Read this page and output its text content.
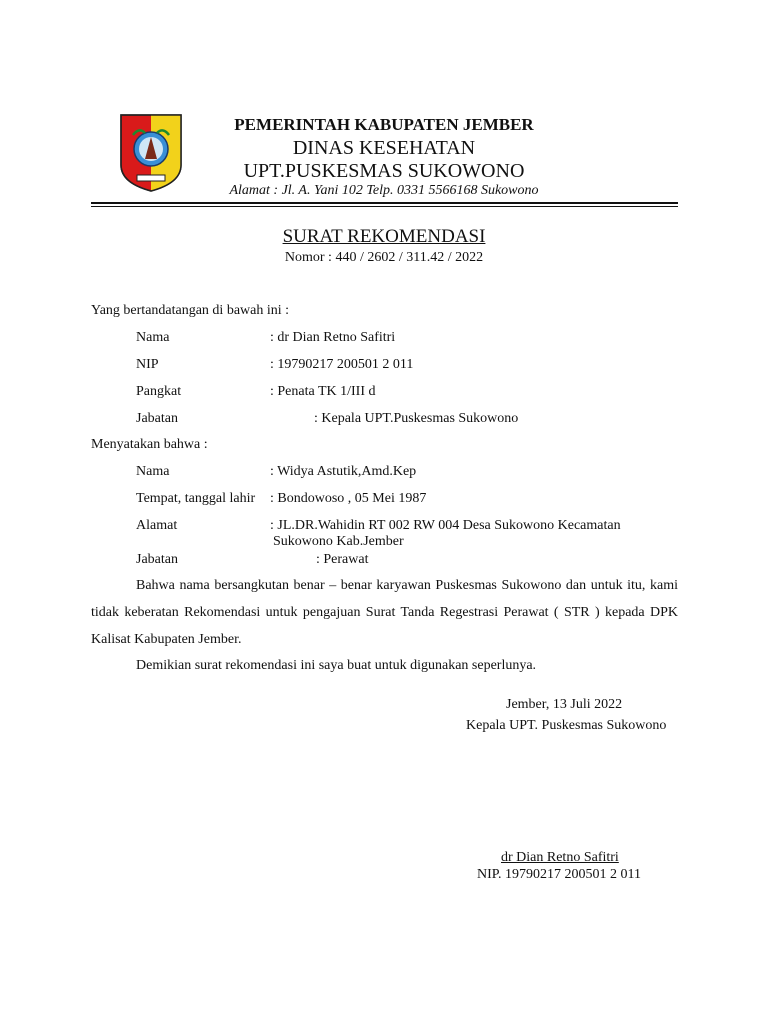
PEMERINTAH KABUPATEN JEMBER
DINAS KESEHATAN
UPT.PUSKESMAS SUKOWONO
Alamat : Jl. A. Yani 102 Telp. 0331 5566168 Sukowono
SURAT REKOMENDASI
Nomor : 440 / 2602 / 311.42 / 2022
Yang bertandatangan di bawah ini :
Nama	: dr Dian Retno Safitri
NIP	: 19790217 200501 2 011
Pangkat	: Penata TK 1/III d
Jabatan	: Kepala UPT.Puskesmas Sukowono
Menyatakan bahwa :
Nama	: Widya Astutik,Amd.Kep
Tempat, tanggal lahir : Bondowoso , 05 Mei 1987
Alamat	: JL.DR.Wahidin RT 002 RW 004 Desa Sukowono Kecamatan
Sukowono Kab.Jember
Jabatan	: Perawat
Bahwa nama bersangkutan benar – benar karyawan Puskesmas Sukowono dan untuk itu, kami tidak keberatan Rekomendasi untuk pengajuan Surat Tanda Regestrasi Perawat ( STR ) kepada DPK Kalisat Kabupaten Jember.
Demikian surat rekomendasi ini saya buat untuk digunakan seperlunya.
Jember, 13 Juli 2022
Kepala UPT. Puskesmas Sukowono
dr Dian Retno Safitri
NIP. 19790217 200501 2 011
